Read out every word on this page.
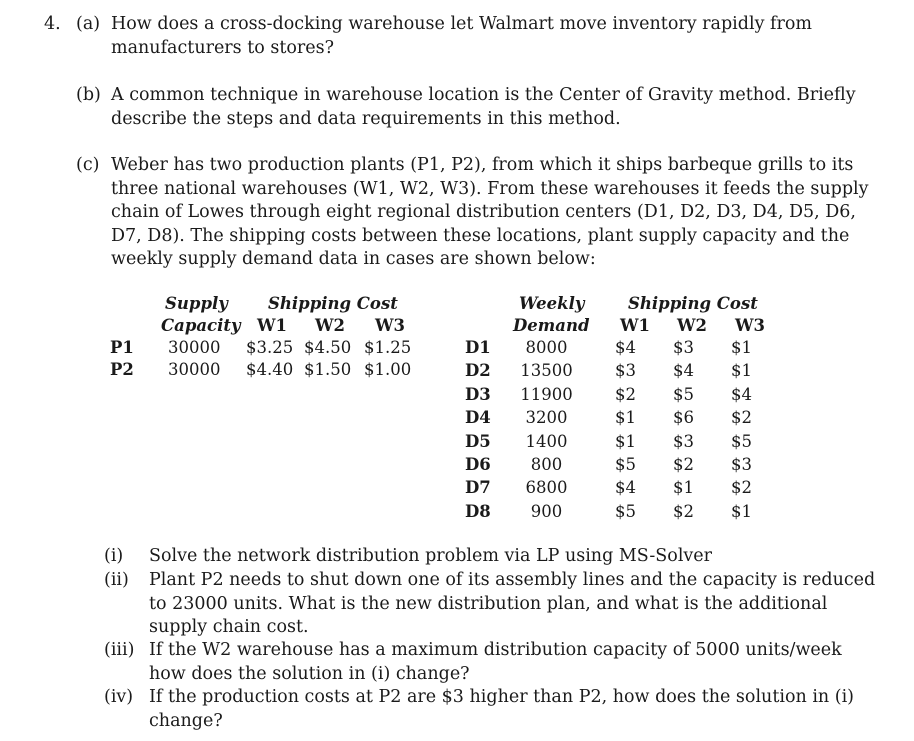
4. (a) How does a cross-docking warehouse let Walmart move inventory rapidly from
manufacturers to stores?
(b) A common technique in warehouse location is the Center of Gravity method. Briefly
describe the steps and data requirements in this method.
(c) Weber has two production plants (P1, P2), from which it ships barbeque grills to its
three national warehouses (W1, W2, W3). From these warehouses it feeds the supply
chain of Lowes through eight regional distribution centers (D1, D2, D3, D4, D5, D6,
D7, D8). The shipping costs between these locations, plant supply capacity and the
weekly supply demand data in cases are shown below:
Supply
Capacity
Shipping Cost
W1 W2 W3
P1 30000 $3.25 $4.50 $1.25
P2 30000 $4.40 $1.50 $1.00
Weekly
Demand
Shipping Cost
W1 W2 W3
D1	8000	$4 $3 $1
D2 13500	$3 $4 $1
D3 11900	$2 $5 $4
D4	3200	$1 $6 $2
D5	1400	$1 $3 $5
D6	800	$5 $2 $3
D7	6800	$4 $1 $2
D8	900	$5 $2 $1
(i) Solve the network distribution problem via LP using MS-Solver
(ii) Plant P2 needs to shut down one of its assembly lines and the capacity is reduced
to 23000 units. What is the new distribution plan, and what is the additional
supply chain cost.
(iii) If the W2 warehouse has a maximum distribution capacity of 5000 units/week
how does the solution in (i) change?
(iv) If the production costs at P2 are $3 higher than P2, how does the solution in (i)
change?
